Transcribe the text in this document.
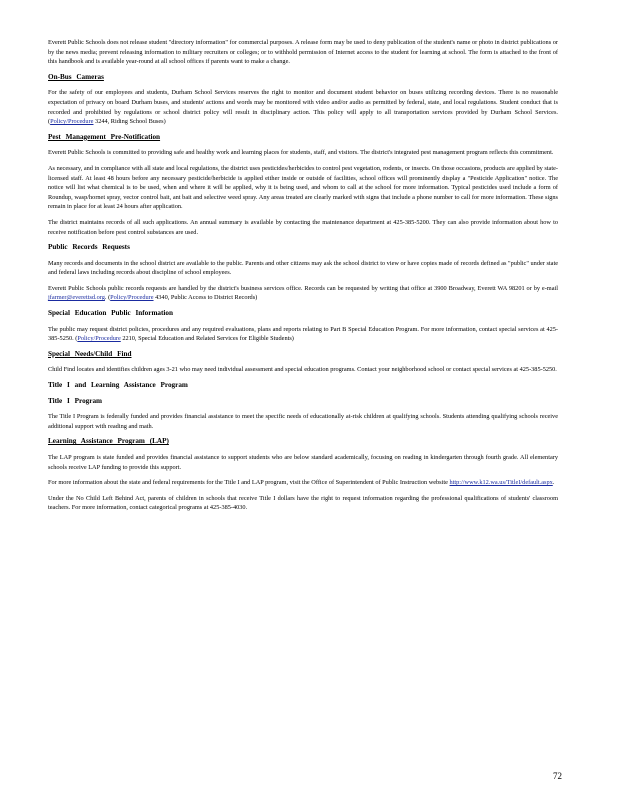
Everett Public Schools does not release student "directory information" for commercial purposes. A release form may be used to deny publication of the student's name or photo in district publications or by the news media; prevent releasing information to military recruiters or colleges; or to withhold permission of Internet access to the student for learning at school. The form is attached to the front of this handbook and is available year-round at all school offices if parents want to make a change.

On-Bus Cameras

For the safety of our employees and students, Durham School Services reserves the right to monitor and document student behavior on buses utilizing recording devices. There is no reasonable expectation of privacy on board Durham buses, and students' actions and words may be monitored with video and/or audio as permitted by federal, state, and local regulations. Student conduct that is recorded and prohibited by regulations or school district policy will result in disciplinary action. This policy will apply to all transportation services provided by Durham School Services. (Policy/Procedure 3244, Riding School Buses)

Pest Management Pre-Notification

Everett Public Schools is committed to providing safe and healthy work and learning places for students, staff, and visitors. The district's integrated pest management program reflects this commitment.

As necessary, and in compliance with all state and local regulations, the district uses pesticides/herbicides to control pest vegetation, rodents, or insects. On those occasions, products are applied by state-licensed staff. At least 48 hours before any necessary pesticide/herbicide is applied either inside or outside of facilities, school offices will prominently display a "Pesticide Application" notice. The notice will list what chemical is to be used, when and where it will be applied, why it is being used, and whom to call at the school for more information. Typical pesticides used include a form of Roundup, wasp/hornet spray, vector control bait, ant bait and selective weed spray. Any areas treated are clearly marked with signs that include a phone number to call for more information. These signs remain in place for at least 24 hours after application.

The district maintains records of all such applications. An annual summary is available by contacting the maintenance department at 425-385-5200. They can also provide information about how to receive notification before pest control substances are used.

Public Records Requests

Many records and documents in the school district are available to the public. Parents and other citizens may ask the school district to view or have copies made of records defined as "public" under state and federal laws including records about discipline of school employees.

Everett Public Schools public records requests are handled by the district's business services office. Records can be requested by writing that office at 3900 Broadway, Everett WA 98201 or by e-mail jfarmer@everettsd.org. (Policy/Procedure 4340, Public Access to District Records)

Special Education Public Information

The public may request district policies, procedures and any required evaluations, plans and reports relating to Part B Special Education Program. For more information, contact special services at 425-385-5250. (Policy/Procedure 2210, Special Education and Related Services for Eligible Students)

Special Needs/Child Find

Child Find locates and identifies children ages 3-21 who may need individual assessment and special education programs. Contact your neighborhood school or contact special services at 425-385-5250.

Title I and Learning Assistance Program
Title I Program

The Title I Program is federally funded and provides financial assistance to meet the specific needs of educationally at-risk children at qualifying schools. Students attending qualifying schools receive additional support with reading and math.

Learning Assistance Program (LAP)

The LAP program is state funded and provides financial assistance to support students who are below standard academically, focusing on reading in kindergarten through fourth grade. All elementary schools receive LAP funding to provide this support.

For more information about the state and federal requirements for the Title I and LAP program, visit the Office of Superintendent of Public Instruction website http://www.k12.wa.us/TitleI/default.aspx.

Under the No Child Left Behind Act, parents of children in schools that receive Title I dollars have the right to request information regarding the professional qualifications of students' classroom teachers. For more information, contact categorical programs at 425-385-4030.

72
